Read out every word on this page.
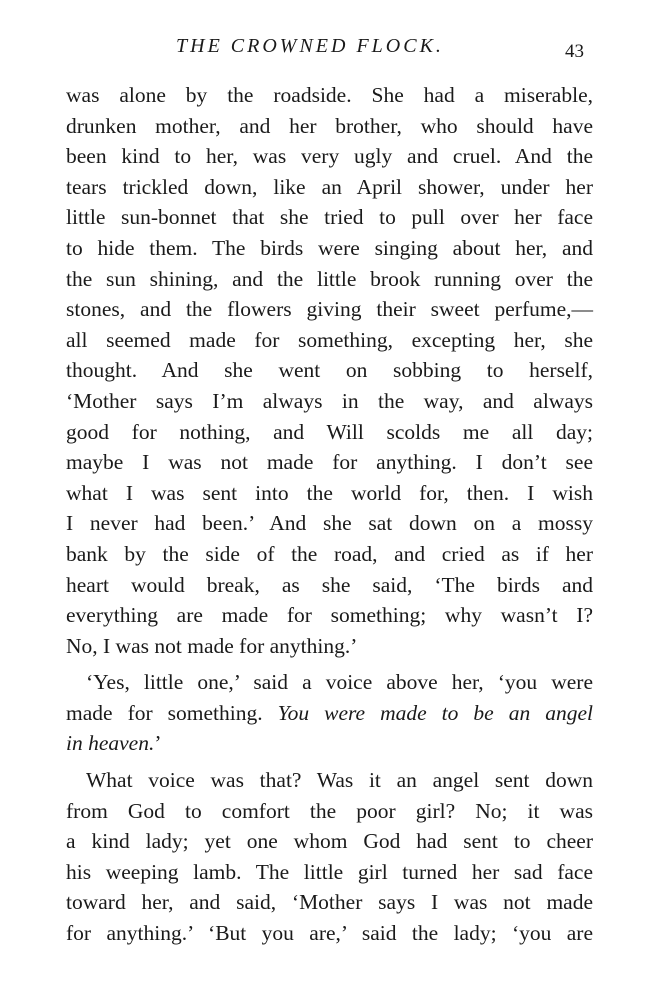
THE CROWNED FLOCK.	43
was alone by the roadside. She had a miserable,
drunken mother, and her brother, who should have
been kind to her, was very ugly and cruel. And the
tears trickled down, like an April shower, under her
little sun-bonnet that she tried to pull over her face
to hide them. The birds were singing about her, and
the sun shining, and the little brook running over the
stones, and the flowers giving their sweet perfume,—
all seemed made for something, excepting her, she
thought. And she went on sobbing to herself,
‘Mother says I’m always in the way, and always
good for nothing, and Will scolds me all day;
maybe I was not made for anything. I don’t see
what I was sent into the world for, then. I wish
I never had been.’ And she sat down on a mossy
bank by the side of the road, and cried as if her
heart would break, as she said, ‘The birds and
everything are made for something; why wasn’t I?
No, I was not made for anything.’
‘Yes, little one,’ said a voice above her, ‘you were
made for something. You were made to be an angel
in heaven.’
What voice was that? Was it an angel sent down
from God to comfort the poor girl? No; it was
a kind lady; yet one whom God had sent to cheer
his weeping lamb. The little girl turned her sad face
toward her, and said, ‘Mother says I was not made
for anything.’ ‘But you are,’ said the lady; ‘you are
